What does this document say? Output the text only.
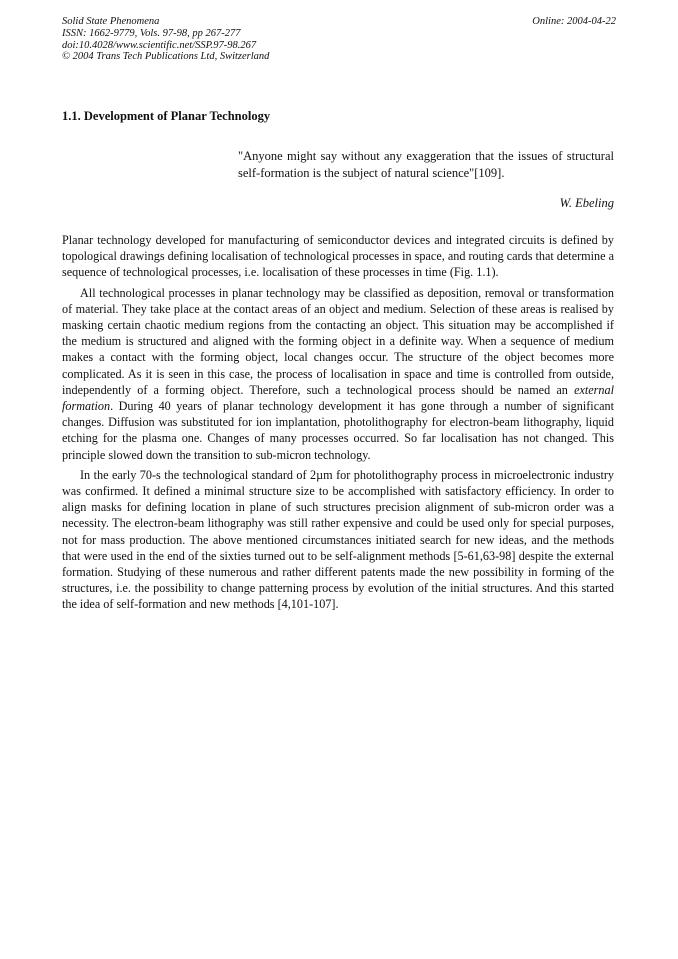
Solid State Phenomena
ISSN: 1662-9779, Vols. 97-98, pp 267-277
doi:10.4028/www.scientific.net/SSP.97-98.267
© 2004 Trans Tech Publications Ltd, Switzerland

Online: 2004-04-22
1.1. Development of Planar Technology
"Anyone might say without any exaggeration that the issues of structural self-formation is the subject of natural science"[109].
W. Ebeling

Planar technology developed for manufacturing of semiconductor devices and integrated circuits is defined by topological drawings defining localisation of technological processes in space, and routing cards that determine a sequence of technological processes, i.e. localisation of these processes in time (Fig. 1.1).

All technological processes in planar technology may be classified as deposition, removal or transformation of material. They take place at the contact areas of an object and medium. Selection of these areas is realised by masking certain chaotic medium regions from the contacting an object. This situation may be accomplished if the medium is structured and aligned with the forming object in a definite way. When a sequence of medium makes a contact with the forming object, local changes occur. The structure of the object becomes more complicated. As it is seen in this case, the process of localisation in space and time is controlled from outside, independently of a forming object. Therefore, such a technological process should be named an external formation. During 40 years of planar technology development it has gone through a number of significant changes. Diffusion was substituted for ion implantation, photolithography for electron-beam lithography, liquid etching for the plasma one. Changes of many processes occurred. So far localisation has not changed. This principle slowed down the transition to sub-micron technology.

In the early 70-s the technological standard of 2µm for photolithography process in microelectronic industry was confirmed. It defined a minimal structure size to be accomplished with satisfactory efficiency. In order to align masks for defining location in plane of such structures precision alignment of sub-micron order was a necessity. The electron-beam lithography was still rather expensive and could be used only for special purposes, not for mass production. The above mentioned circumstances initiated search for new ideas, and the methods that were used in the end of the sixties turned out to be self-alignment methods [5-61,63-98] despite the external formation. Studying of these numerous and rather different patents made the new possibility in forming of the structures, i.e. the possibility to change patterning process by evolution of the initial structures. And this started the idea of self-formation and new methods [4,101-107].
